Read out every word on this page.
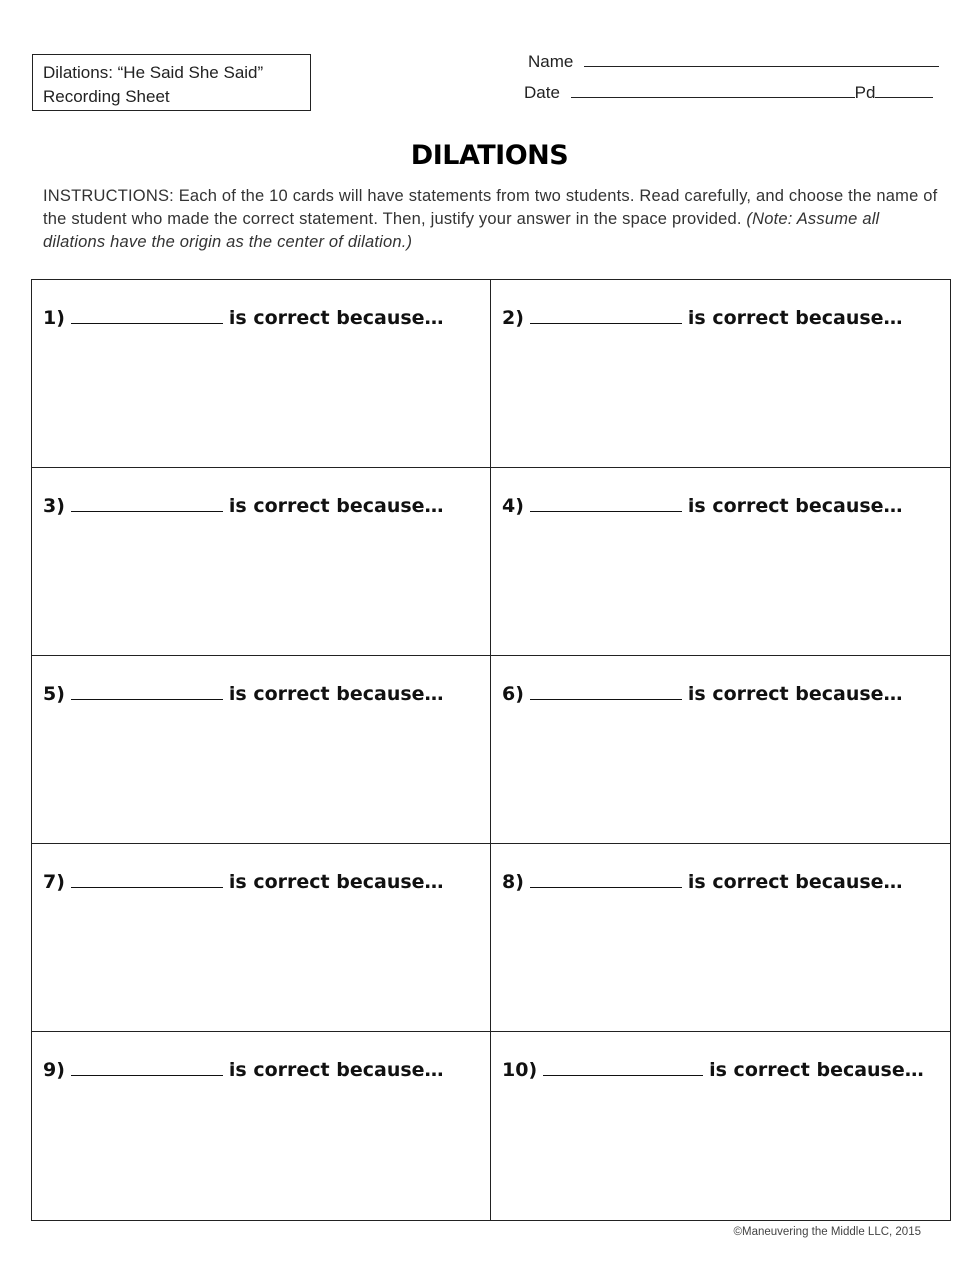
Dilations: “He Said She Said”
Recording Sheet
Name
Date	Pd
DILATIONS
INSTRUCTIONS: Each of the 10 cards will have statements from two students. Read carefully, and choose the name of the student who made the correct statement. Then, justify your answer in the space provided. (Note: Assume all dilations have the origin as the center of dilation.)
1)	is correct because…	2)	is correct because…
3)	is correct because…	4)	is correct because…
5)	is correct because…	6)	is correct because…
7)	is correct because…	8)	is correct because…
9)	is correct because…	10)	is correct because…
©Maneuvering the Middle LLC, 2015
